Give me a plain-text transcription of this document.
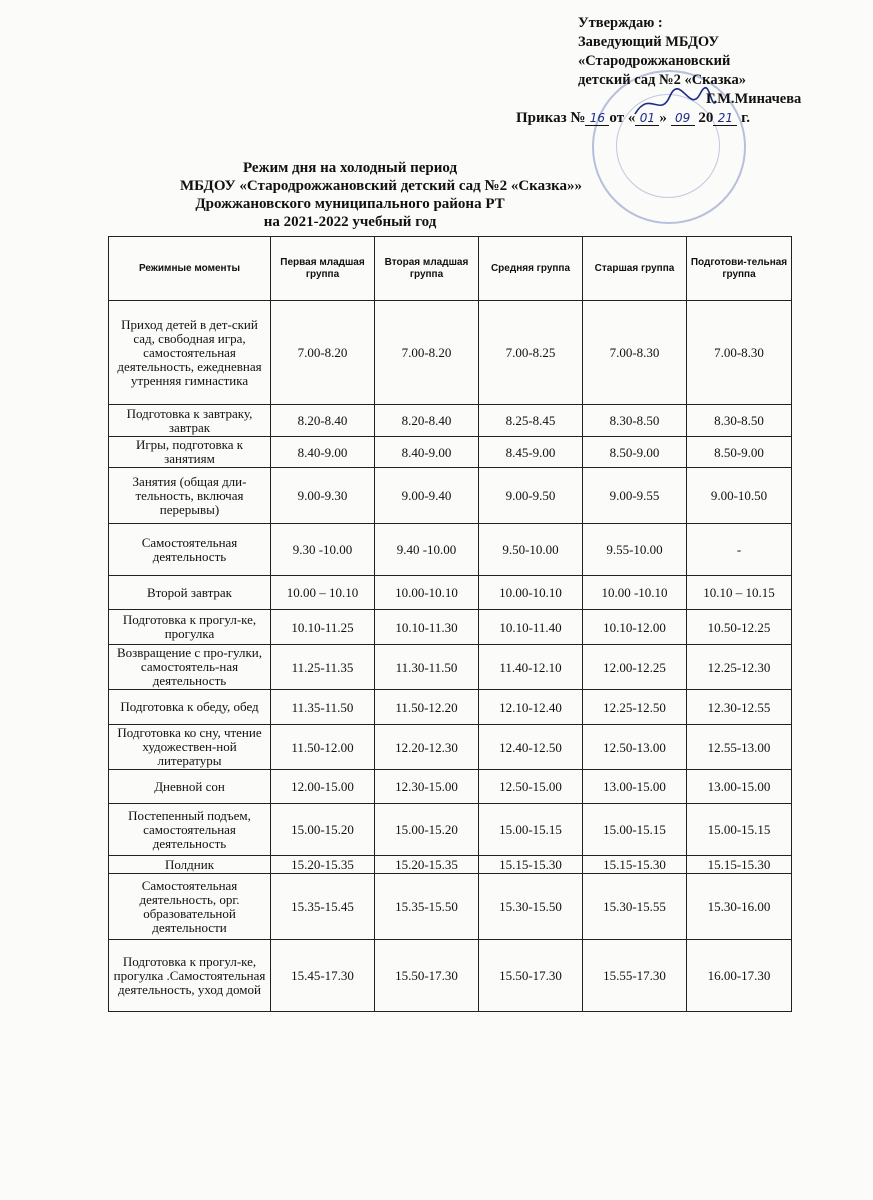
Утверждаю :
Заведующий МБДОУ
«Стародрожжановский
детский сад №2 «Сказка»
Г.М.Миначева
Приказ № 16 от « 01 » 09 20 21 г.
Режим дня на холодный период
МБДОУ «Стародрожжановский детский сад №2 «Сказка»»
Дрожжановского муниципального района РТ
на 2021-2022 учебный год
Режимные моменты	Первая младшая группа	Вторая младшая группа	Средняя группа	Старшая группа	Подготови-тельная группа
Приход детей в дет-ский сад, свободная игра, самостоятельная деятельность, ежедневная утренняя гимнастика	7.00-8.20	7.00-8.20	7.00-8.25	7.00-8.30	7.00-8.30
Подготовка к завтраку, завтрак	8.20-8.40	8.20-8.40	8.25-8.45	8.30-8.50	8.30-8.50
Игры, подготовка к занятиям	8.40-9.00	8.40-9.00	8.45-9.00	8.50-9.00	8.50-9.00
Занятия (общая дли-тельность, включая перерывы)	9.00-9.30	9.00-9.40	9.00-9.50	9.00-9.55	9.00-10.50
Самостоятельная деятельность	9.30 -10.00	9.40 -10.00	9.50-10.00	9.55-10.00	-
Второй завтрак	10.00 – 10.10	10.00-10.10	10.00-10.10	10.00 -10.10	10.10 – 10.15
Подготовка к прогул-ке, прогулка	10.10-11.25	10.10-11.30	10.10-11.40	10.10-12.00	10.50-12.25
Возвращение с про-гулки, самостоятель-ная деятельность	11.25-11.35	11.30-11.50	11.40-12.10	12.00-12.25	12.25-12.30
Подготовка к обеду, обед	11.35-11.50	11.50-12.20	12.10-12.40	12.25-12.50	12.30-12.55
Подготовка ко сну, чтение художествен-ной литературы	11.50-12.00	12.20-12.30	12.40-12.50	12.50-13.00	12.55-13.00
Дневной сон	12.00-15.00	12.30-15.00	12.50-15.00	13.00-15.00	13.00-15.00
Постепенный подъем, самостоятельная деятельность	15.00-15.20	15.00-15.20	15.00-15.15	15.00-15.15	15.00-15.15
Полдник	15.20-15.35	15.20-15.35	15.15-15.30	15.15-15.30	15.15-15.30
Самостоятельная деятельность, орг. образовательной деятельности	15.35-15.45	15.35-15.50	15.30-15.50	15.30-15.55	15.30-16.00
Подготовка к прогул-ке, прогулка .Самостоятельная деятельность, уход домой	15.45-17.30	15.50-17.30	15.50-17.30	15.55-17.30	16.00-17.30
